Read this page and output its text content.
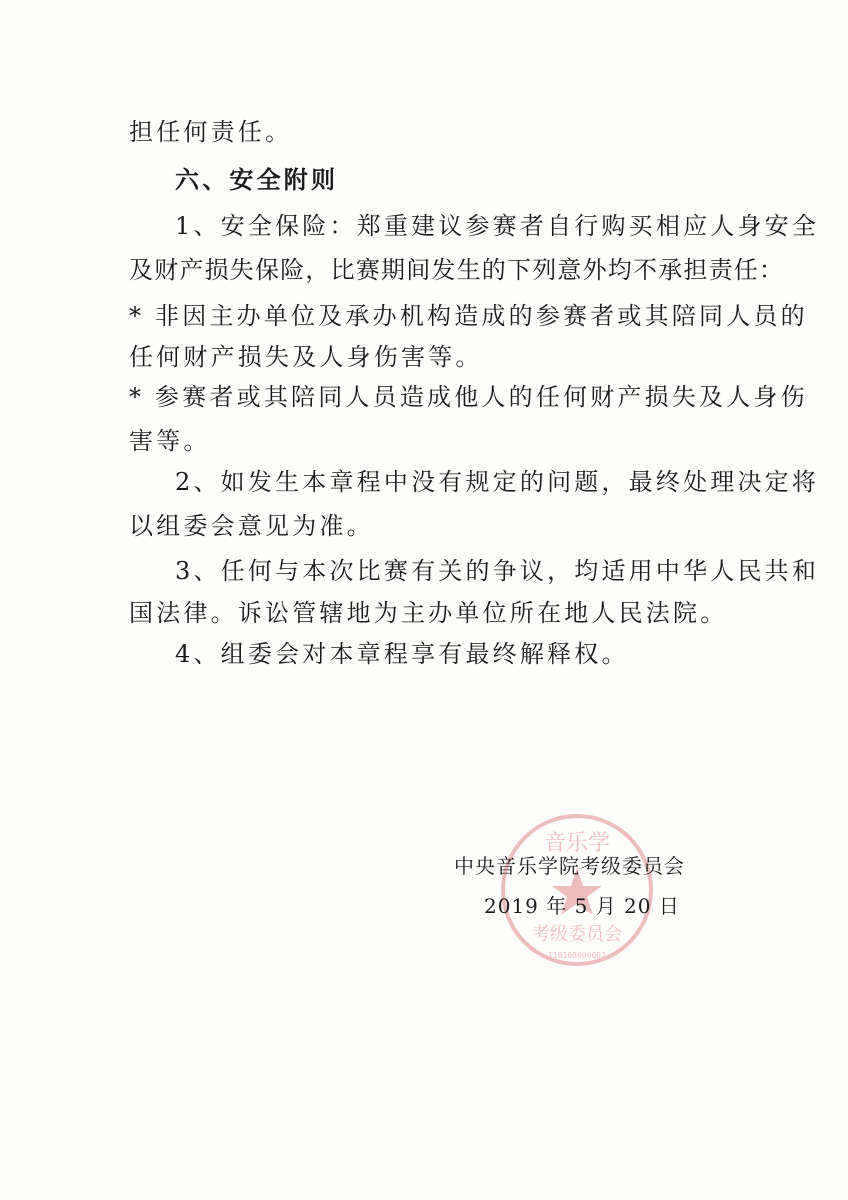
担任何责任。

六、安全附则

1、安全保险：郑重建议参赛者自行购买相应人身安全

及财产损失保险，比赛期间发生的下列意外均不承担责任：

* 非因主办单位及承办机构造成的参赛者或其陪同人员的

任何财产损失及人身伤害等。

* 参赛者或其陪同人员造成他人的任何财产损失及人身伤

害等。

2、如发生本章程中没有规定的问题，最终处理决定将

以组委会意见为准。

3、任何与本次比赛有关的争议，均适用中华人民共和

国法律。诉讼管辖地为主办单位所在地人民法院。

4、组委会对本章程享有最终解释权。

音乐学
考级委员会
110108000002

中央音乐学院考级委员会

2019 年 5 月 20 日
